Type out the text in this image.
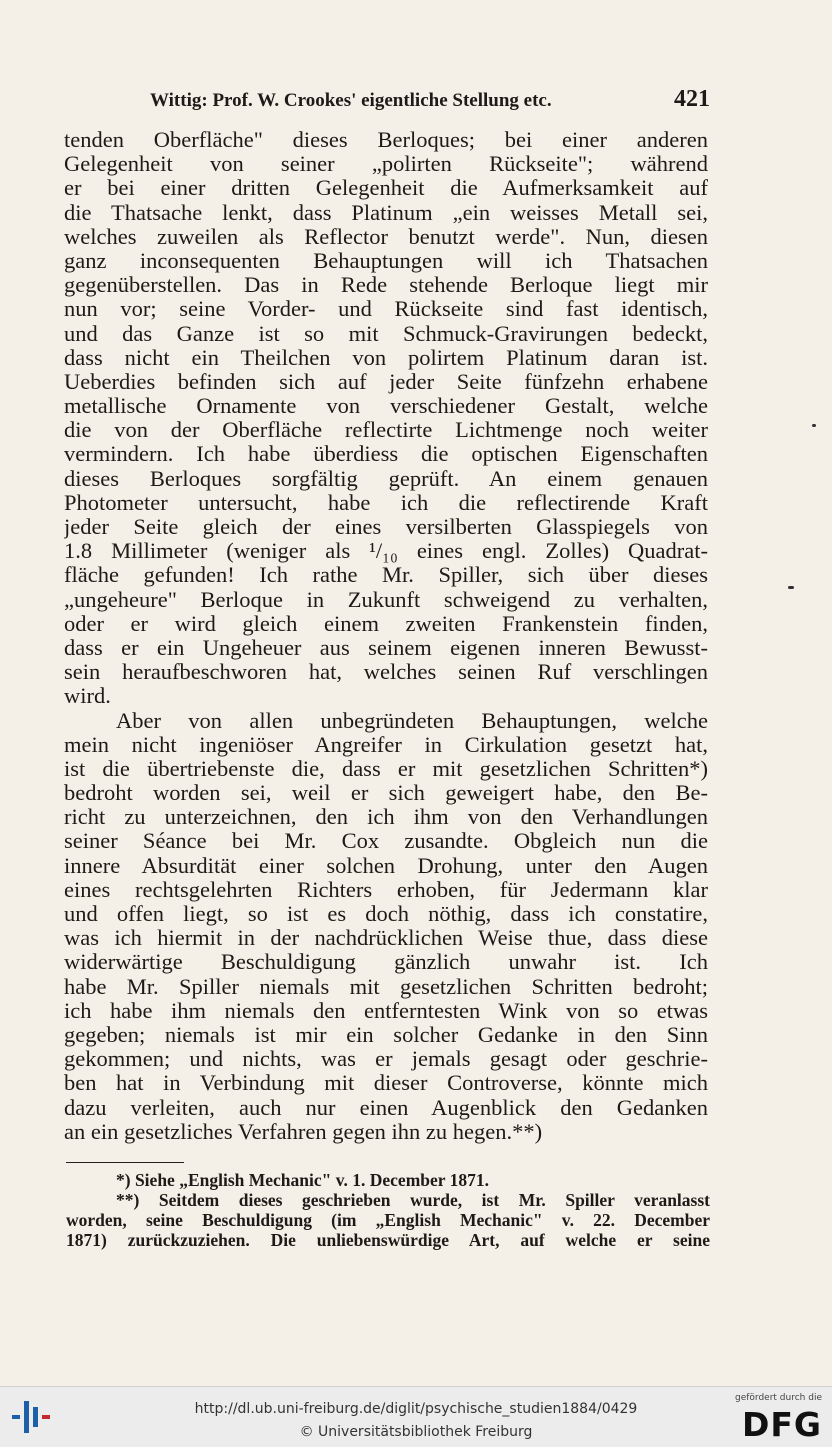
Wittig: Prof. W. Crookes' eigentliche Stellung etc.	421
tenden Oberfläche" dieses Berloques; bei einer anderen
Gelegenheit von seiner „polirten Rückseite"; während
er bei einer dritten Gelegenheit die Aufmerksamkeit auf
die Thatsache lenkt, dass Platinum „ein weisses Metall sei,
welches zuweilen als Reflector benutzt werde". Nun, diesen
ganz inconsequenten Behauptungen will ich Thatsachen
gegenüberstellen. Das in Rede stehende Berloque liegt mir
nun vor; seine Vorder- und Rückseite sind fast identisch,
und das Ganze ist so mit Schmuck-Gravirungen bedeckt,
dass nicht ein Theilchen von polirtem Platinum daran ist.
Ueberdies befinden sich auf jeder Seite fünfzehn erhabene
metallische Ornamente von verschiedener Gestalt, welche
die von der Oberfläche reflectirte Lichtmenge noch weiter
vermindern. Ich habe überdiess die optischen Eigenschaften
dieses Berloques sorgfältig geprüft. An einem genauen
Photometer untersucht, habe ich die reflectirende Kraft
jeder Seite gleich der eines versilberten Glasspiegels von
1.8 Millimeter (weniger als ¹/₁₀ eines engl. Zolles) Quadrat-
fläche gefunden! Ich rathe Mr. Spiller, sich über dieses
„ungeheure" Berloque in Zukunft schweigend zu verhalten,
oder er wird gleich einem zweiten Frankenstein finden,
dass er ein Ungeheuer aus seinem eigenen inneren Bewusst-
sein heraufbeschworen hat, welches seinen Ruf verschlingen
wird.
Aber von allen unbegründeten Behauptungen, welche
mein nicht ingeniöser Angreifer in Cirkulation gesetzt hat,
ist die übertriebenste die, dass er mit gesetzlichen Schritten*)
bedroht worden sei, weil er sich geweigert habe, den Be-
richt zu unterzeichnen, den ich ihm von den Verhandlungen
seiner Séance bei Mr. Cox zusandte. Obgleich nun die
innere Absurdität einer solchen Drohung, unter den Augen
eines rechtsgelehrten Richters erhoben, für Jedermann klar
und offen liegt, so ist es doch nöthig, dass ich constatire,
was ich hiermit in der nachdrücklichen Weise thue, dass diese
widerwärtige Beschuldigung gänzlich unwahr ist. Ich
habe Mr. Spiller niemals mit gesetzlichen Schritten bedroht;
ich habe ihm niemals den entferntesten Wink von so etwas
gegeben; niemals ist mir ein solcher Gedanke in den Sinn
gekommen; und nichts, was er jemals gesagt oder geschrie-
ben hat in Verbindung mit dieser Controverse, könnte mich
dazu verleiten, auch nur einen Augenblick den Gedanken
an ein gesetzliches Verfahren gegen ihn zu hegen.**)
*) Siehe „English Mechanic" v. 1. December 1871.
**) Seitdem dieses geschrieben wurde, ist Mr. Spiller veranlasst
worden, seine Beschuldigung (im „English Mechanic" v. 22. December
1871) zurückzuziehen. Die unliebenswürdige Art, auf welche er seine
http://dl.ub.uni-freiburg.de/diglit/psychische_studien1884/0429
© Universitätsbibliothek Freiburg
gefördert durch die
DFG
